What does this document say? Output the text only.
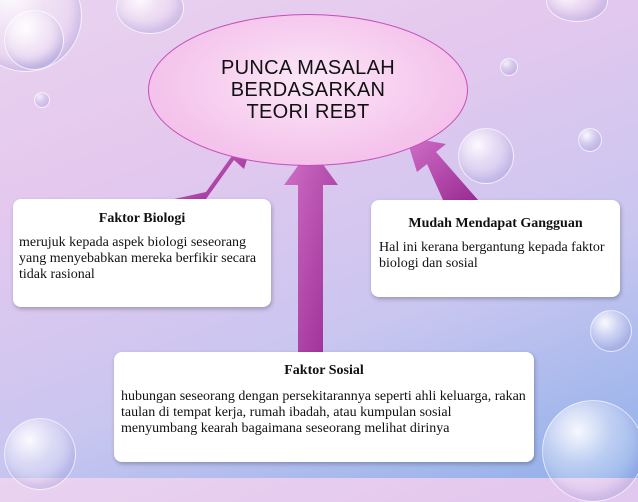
PUNCA MASALAH
BERDASARKAN
TEORI REBT
Faktor Biologi
merujuk kepada aspek biologi seseorang yang menyebabkan mereka berfikir secara tidak rasional
Mudah Mendapat Gangguan
Hal ini kerana bergantung kepada faktor biologi dan sosial
Faktor Sosial
hubungan seseorang dengan persekitarannya seperti ahli keluarga, rakan taulan di tempat kerja, rumah ibadah, atau kumpulan sosial menyumbang kearah bagaimana seseorang melihat dirinya
